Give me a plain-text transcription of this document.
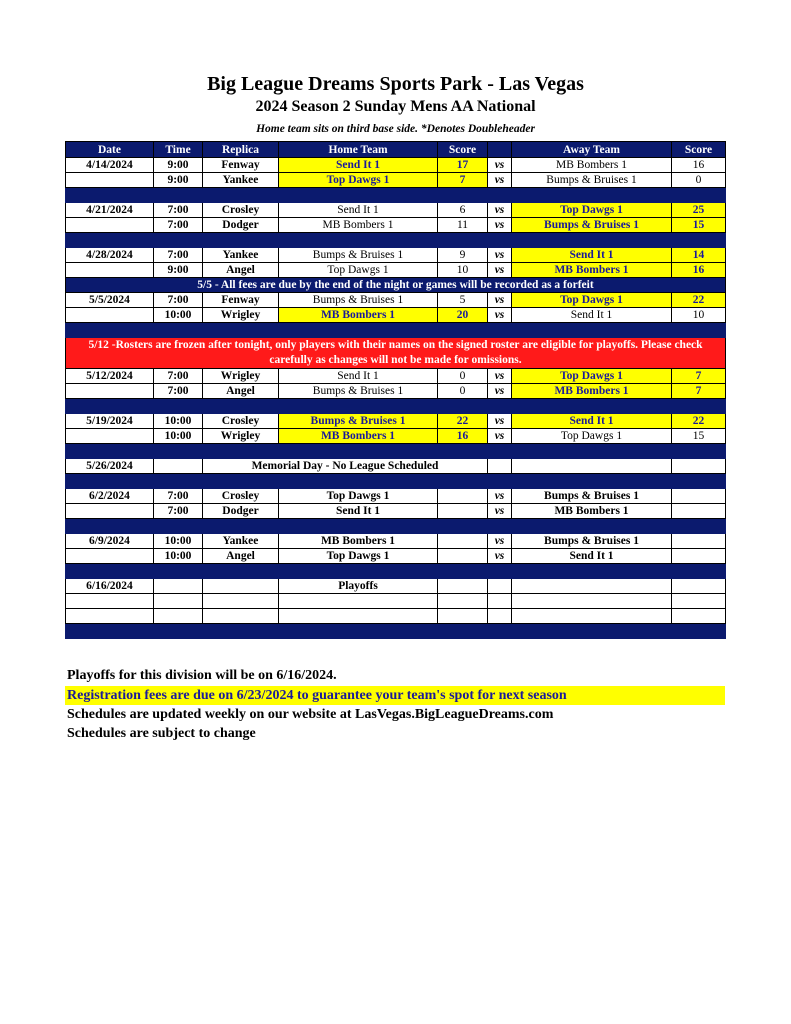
Big League Dreams Sports Park - Las Vegas
2024 Season 2 Sunday Mens AA National
Home team sits on third base side. *Denotes Doubleheader
Date	Time	Replica	Home Team	Score		Away Team	Score
4/14/2024	9:00	Fenway	Send It 1	17	vs	MB Bombers 1	16
	9:00	Yankee	Top Dawgs 1	7	vs	Bumps & Bruises 1	0

4/21/2024	7:00	Crosley	Send It 1	6	vs	Top Dawgs 1	25
	7:00	Dodger	MB Bombers 1	11	vs	Bumps & Bruises 1	15

4/28/2024	7:00	Yankee	Bumps & Bruises 1	9	vs	Send It 1	14
	9:00	Angel	Top Dawgs 1	10	vs	MB Bombers 1	16
5/5 - All fees are due by the end of the night or games will be recorded as a forfeit							
5/5/2024	7:00	Fenway	Bumps & Bruises 1	5	vs	Top Dawgs 1	22
	10:00	Wrigley	MB Bombers 1	20	vs	Send It 1	10

5/12 -Rosters are frozen after tonight, only players with their names on the signed roster are eligible for playoffs. Please check carefully as changes will not be made for omissions.							
5/12/2024	7:00	Wrigley	Send It 1	0	vs	Top Dawgs 1	7
	7:00	Angel	Bumps & Bruises 1	0	vs	MB Bombers 1	7

5/19/2024	10:00	Crosley	Bumps & Bruises 1	22	vs	Send It 1	22
	10:00	Wrigley	MB Bombers 1	16	vs	Top Dawgs 1	15

5/26/2024		Memorial Day - No League Scheduled					

6/2/2024	7:00	Crosley	Top Dawgs 1		vs	Bumps & Bruises 1	
	7:00	Dodger	Send It 1		vs	MB Bombers 1	

6/9/2024	10:00	Yankee	MB Bombers 1		vs	Bumps & Bruises 1	
	10:00	Angel	Top Dawgs 1		vs	Send It 1	

6/16/2024			Playoffs				

Playoffs for this division will be on 6/16/2024.
Registration fees are due on 6/23/2024 to guarantee your team's spot for next season
Schedules are updated weekly on our website at LasVegas.BigLeagueDreams.com
Schedules are subject to change
